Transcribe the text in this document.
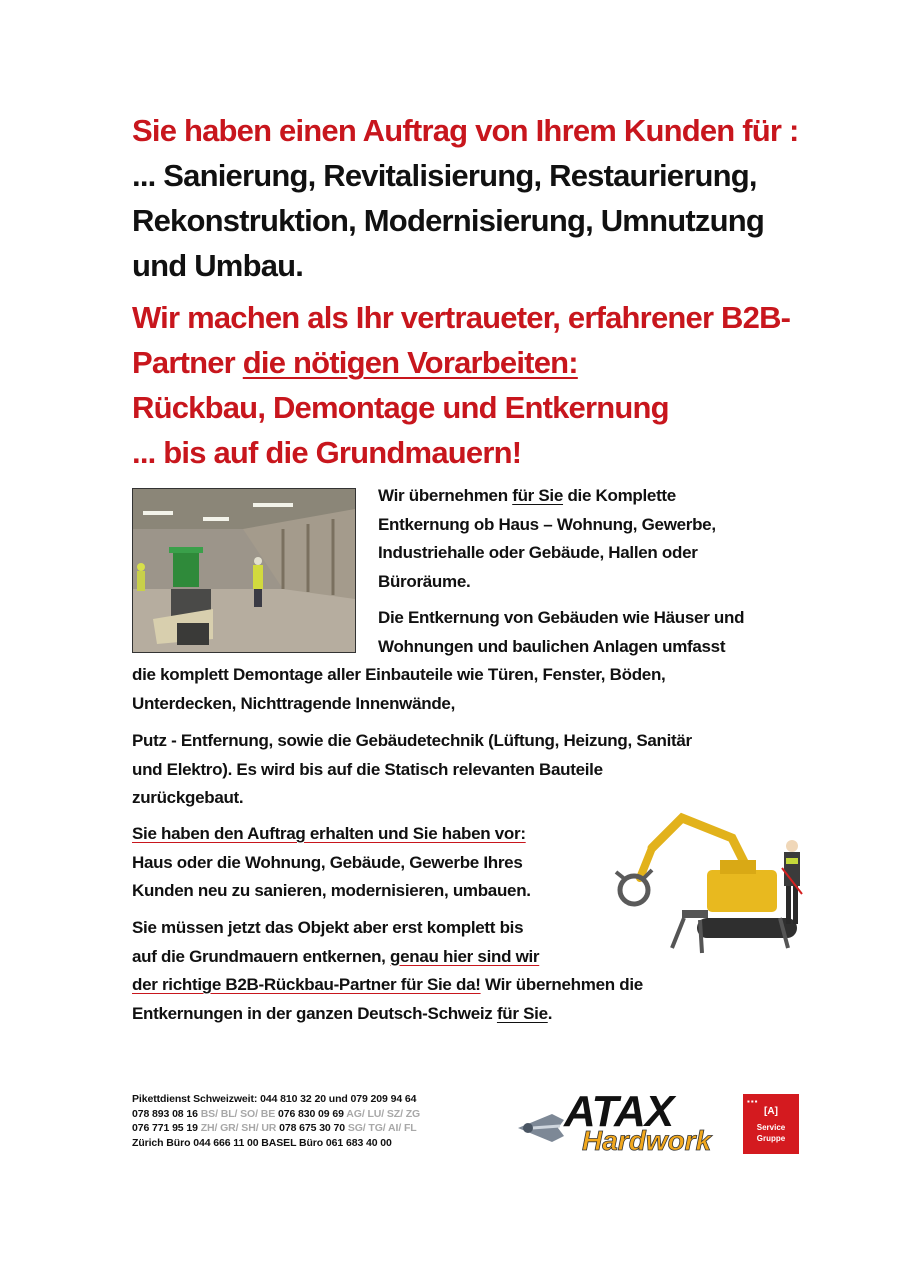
Sie haben einen Auftrag von Ihrem Kunden für :

... Sanierung, Revitalisierung, Restaurierung,

Rekonstruktion, Modernisierung, Umnutzung

und Umbau.

Wir machen als Ihr vertraueter, erfahrener B2B-

Partner die nötigen Vorarbeiten:

Rückbau, Demontage und Entkernung

... bis auf die Grundmauern!

Wir übernehmen für Sie die Komplette
Entkernung ob Haus – Wohnung, Gewerbe,
Industriehalle oder Gebäude, Hallen oder
Büroräume.

Die Entkernung von Gebäuden wie Häuser und
Wohnungen und baulichen Anlagen umfasst

die komplett Demontage aller Einbauteile wie Türen, Fenster, Böden,
Unterdecken, Nichttragende Innenwände,

Putz - Entfernung, sowie die Gebäudetechnik (Lüftung, Heizung, Sanitär
und Elektro). Es wird bis auf die Statisch relevanten Bauteile
zurückgebaut.

Sie haben den Auftrag erhalten und Sie haben vor:
Haus oder die Wohnung, Gebäude, Gewerbe Ihres
Kunden neu zu sanieren, modernisieren, umbauen.

Sie müssen jetzt das Objekt aber erst komplett bis
auf die Grundmauern entkernen, genau hier sind wir
der richtige B2B-Rückbau-Partner für Sie da! Wir übernehmen die
Entkernungen in der ganzen Deutsch-Schweiz für Sie.

Pikettdienst Schweizweit: 044 810 32 20 und 079 209 94 64
078 893 08 16 BS/ BL/ SO/ BE 076 830 09 69 AG/ LU/ SZ/ ZG
076 771 95 19 ZH/ GR/ SH/ UR 078 675 30 70 SG/ TG/ AI/ FL
Zürich Büro 044 666 11 00 BASEL Büro 061 683 40 00
ATAX
Hardwork
▪▪▪
[A]
Service
Gruppe
